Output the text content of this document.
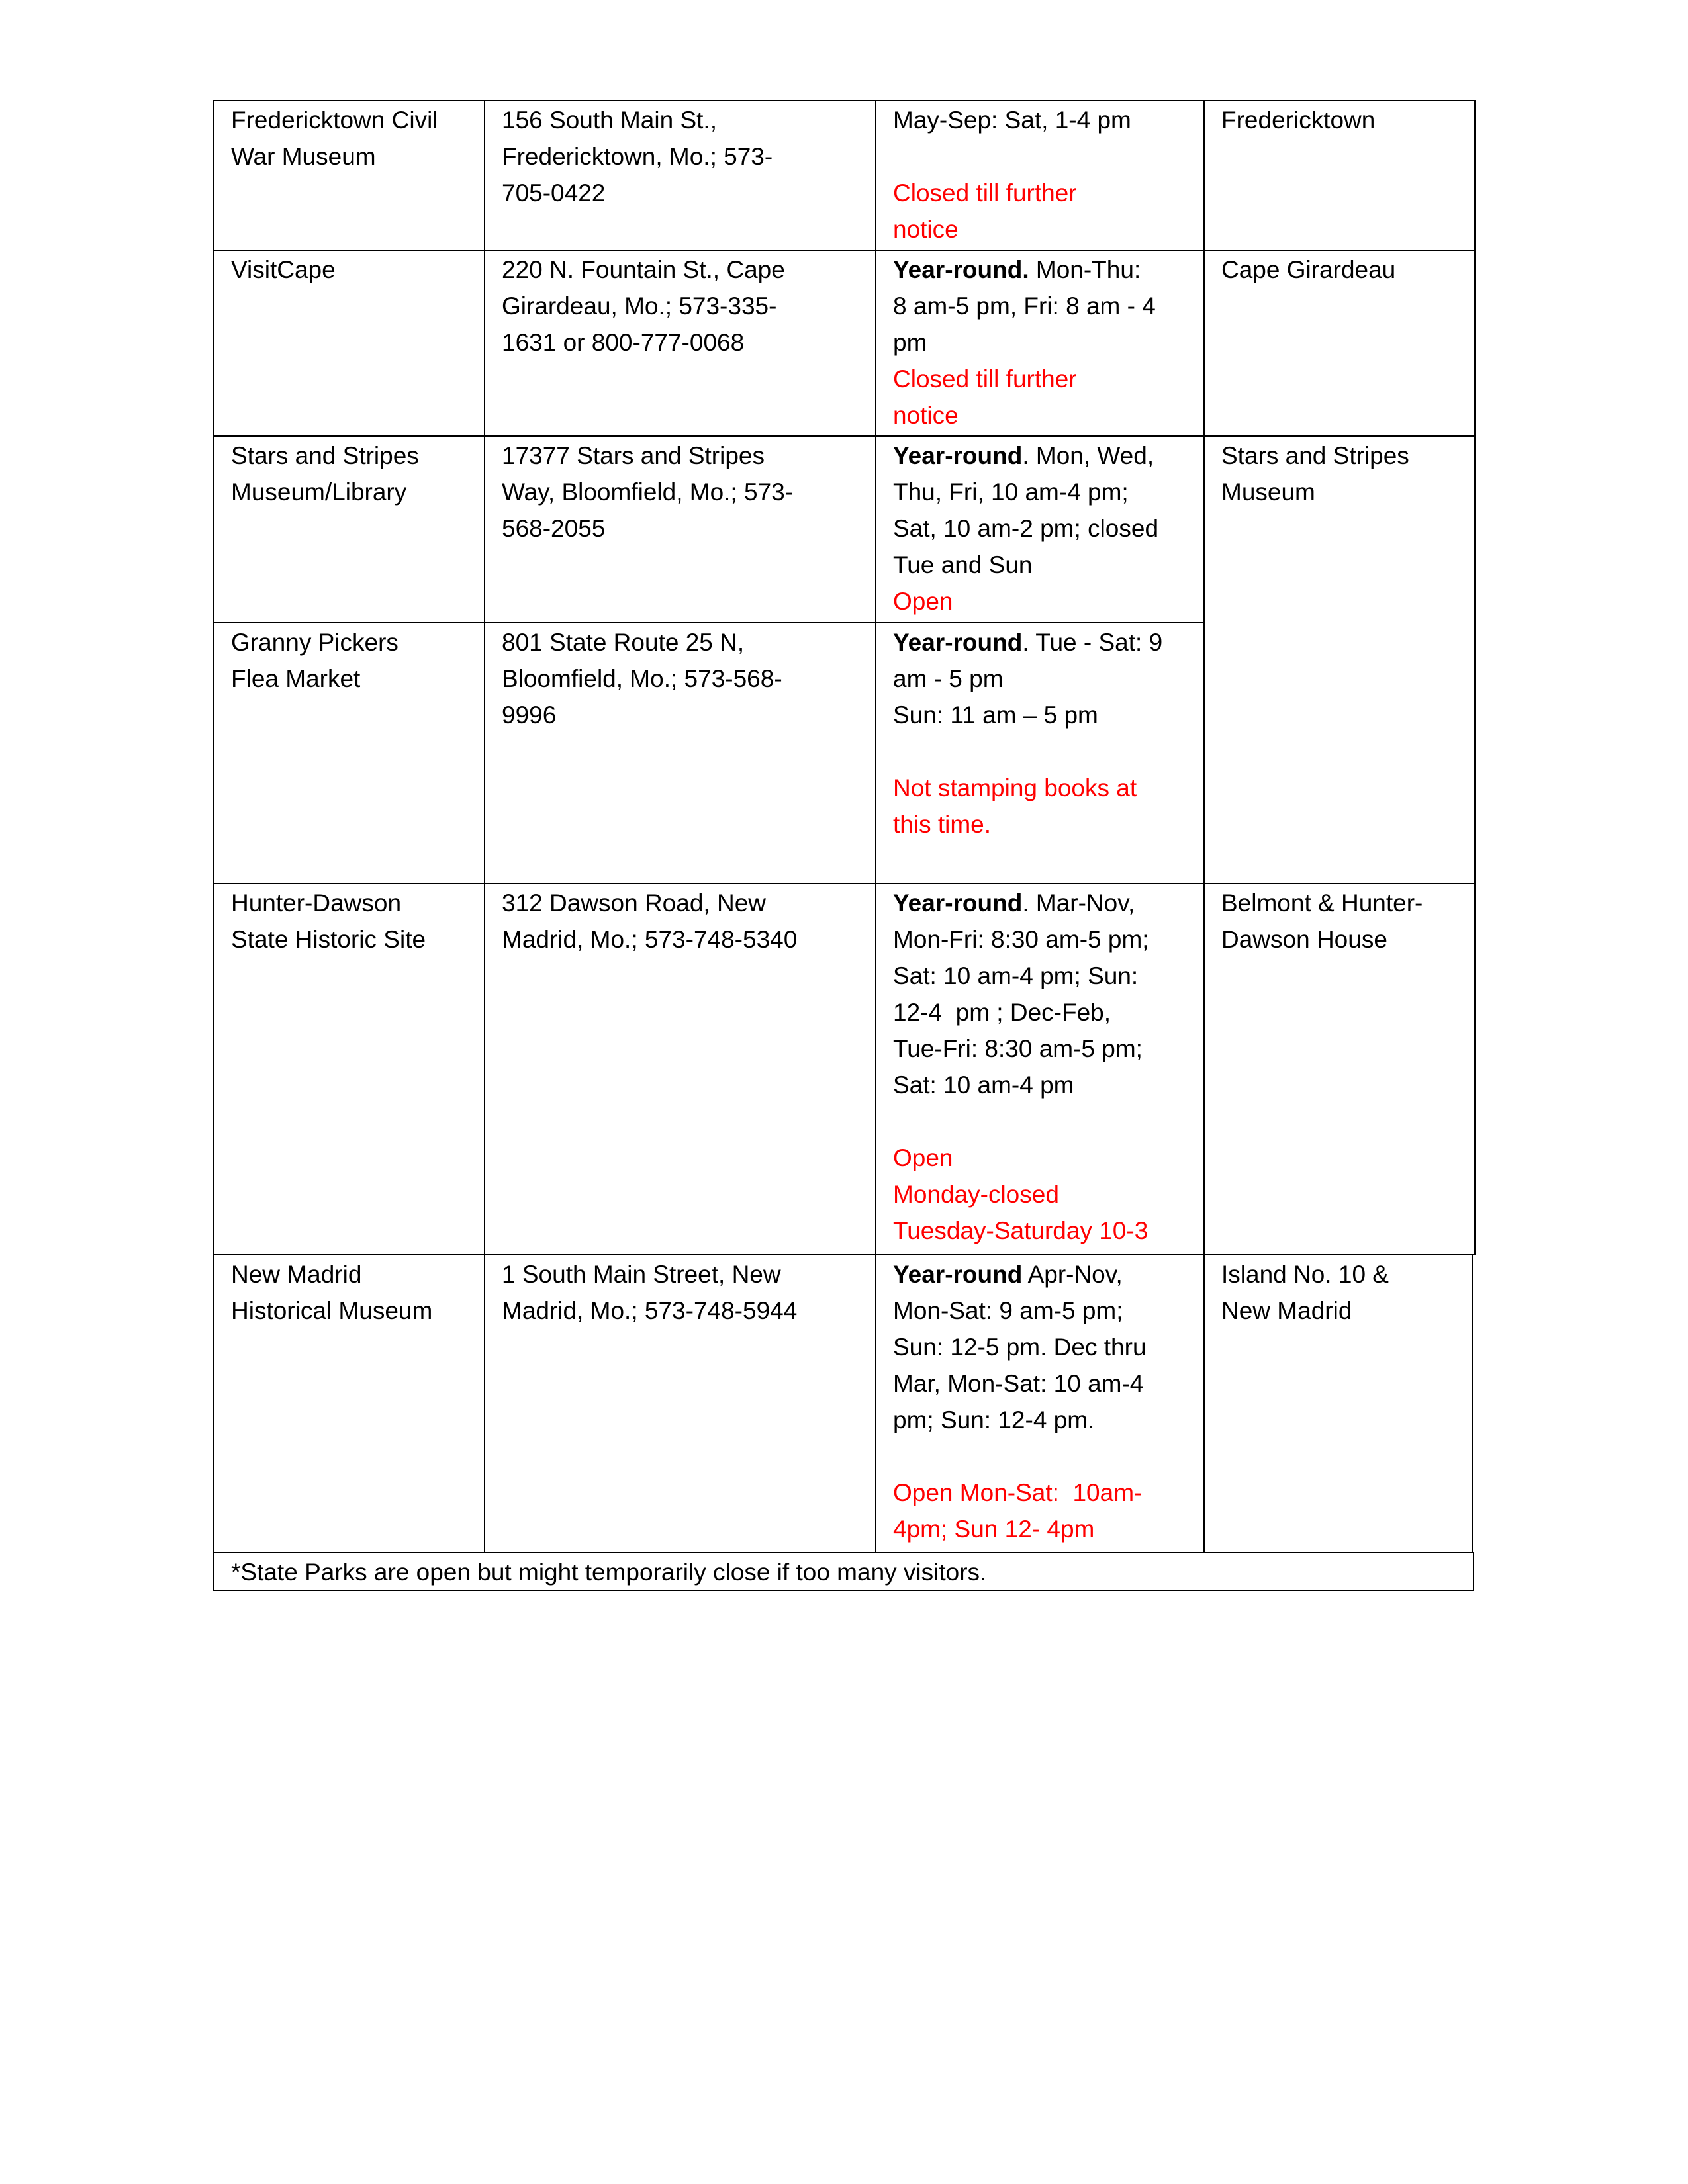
Fredericktown Civil
War Museum
156 South Main St.,
Fredericktown, Mo.; 573-
705-0422
May-Sep: Sat, 1-4 pm
Closed till further
notice
Fredericktown
VisitCape	220 N. Fountain St., Cape
Girardeau, Mo.; 573-335-
1631 or 800-777-0068
Year-round. Mon-Thu:
8 am-5 pm, Fri: 8 am - 4
pm
Closed till further
notice
Cape Girardeau
Stars and Stripes
Museum/Library
17377 Stars and Stripes
Way, Bloomfield, Mo.; 573-
568-2055
Year-round. Mon, Wed,
Thu, Fri, 10 am-4 pm;
Sat, 10 am-2 pm; closed
Tue and Sun
Open
Stars and Stripes
Museum
Granny Pickers
Flea Market
801 State Route 25 N,
Bloomfield, Mo.; 573-568-
9996
Year-round. Tue - Sat: 9
am - 5 pm
Sun: 11 am – 5 pm
Not stamping books at
this time.
Hunter-Dawson
State Historic Site
312 Dawson Road, New
Madrid, Mo.; 573-748-5340
Year-round. Mar-Nov,
Mon-Fri: 8:30 am-5 pm;
Sat: 10 am-4 pm; Sun:
12-4  pm ; Dec-Feb,
Tue-Fri: 8:30 am-5 pm;
Sat: 10 am-4 pm
Open
Monday-closed
Tuesday-Saturday 10-3
Belmont & Hunter-
Dawson House
New Madrid
Historical Museum
1 South Main Street, New
Madrid, Mo.; 573-748-5944
Year-round Apr-Nov,
Mon-Sat: 9 am-5 pm;
Sun: 12-5 pm. Dec thru
Mar, Mon-Sat: 10 am-4
pm; Sun: 12-4 pm.
Open Mon-Sat:  10am-
4pm; Sun 12- 4pm
Island No. 10 &
New Madrid
*State Parks are open but might temporarily close if too many visitors.
